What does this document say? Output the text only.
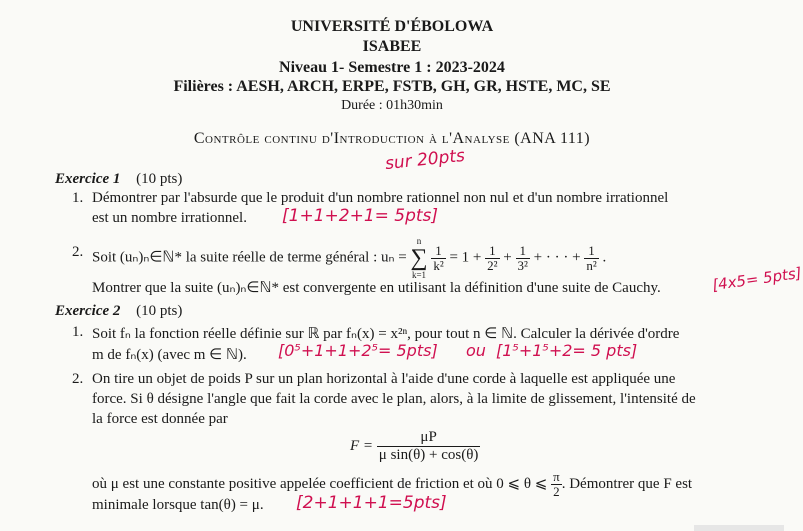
UNIVERSITÉ D'ÉBOLOWA
ISABEE
Niveau 1- Semestre 1 : 2023-2024
Filières : AESH, ARCH, ERPE, FSTB, GH, GR, HSTE, MC, SE
Durée : 01h30min
Contrôle continu d'Introduction à l'Analyse (ANA 111)
sur 20pts
Exercice 1 (10 pts)
1. Démontrer par l'absurde que le produit d'un nombre rationnel non nul et d'un nombre irrationnel
est un nombre irrationnel. [1+1+2+1= 5pts]
2. Soit (uₙ)ₙ∈ℕ* la suite réelle de terme général : uₙ =
n
∑
k=1

$\frac{1}{\text{k²}} = 1 + \frac{1}{\text{2²}} + \frac{1}{\text{3²}}$ + · · · + $\frac{1}{\text{n²}}$ .
Montrer que la suite (uₙ)ₙ∈ℕ* est convergente en utilisant la définition d'une suite de Cauchy.	[4x5= 5pts]
Exercice 2 (10 pts)
1. Soit fₙ la fonction réelle définie sur ℝ par fₙ(x) = x²ⁿ, pour tout n ∈ ℕ. Calculer la dérivée d'ordre
m de fₙ(x) (avec m ∈ ℕ). [0⁵+1+1+2⁵= 5pts] ou [1⁵+1⁵+2= 5 pts]
2. On tire un objet de poids P sur un plan horizontal à l'aide d'une corde à laquelle est appliquée une
force. Si θ désigne l'angle que fait la corde avec le plan, alors, à la limite de glissement, l'intensité de
la force est donnée par
$F = \frac{\mu P}{\text{μ sin(θ) + cos(θ)}}$
où μ est une constante positive appelée coefficient de friction et où 0 ⩽ θ ⩽ $\frac{\pi}{2}$ . Démontrer que F est
minimale lorsque tan(θ) = μ. [2+1+1+1=5pts]
